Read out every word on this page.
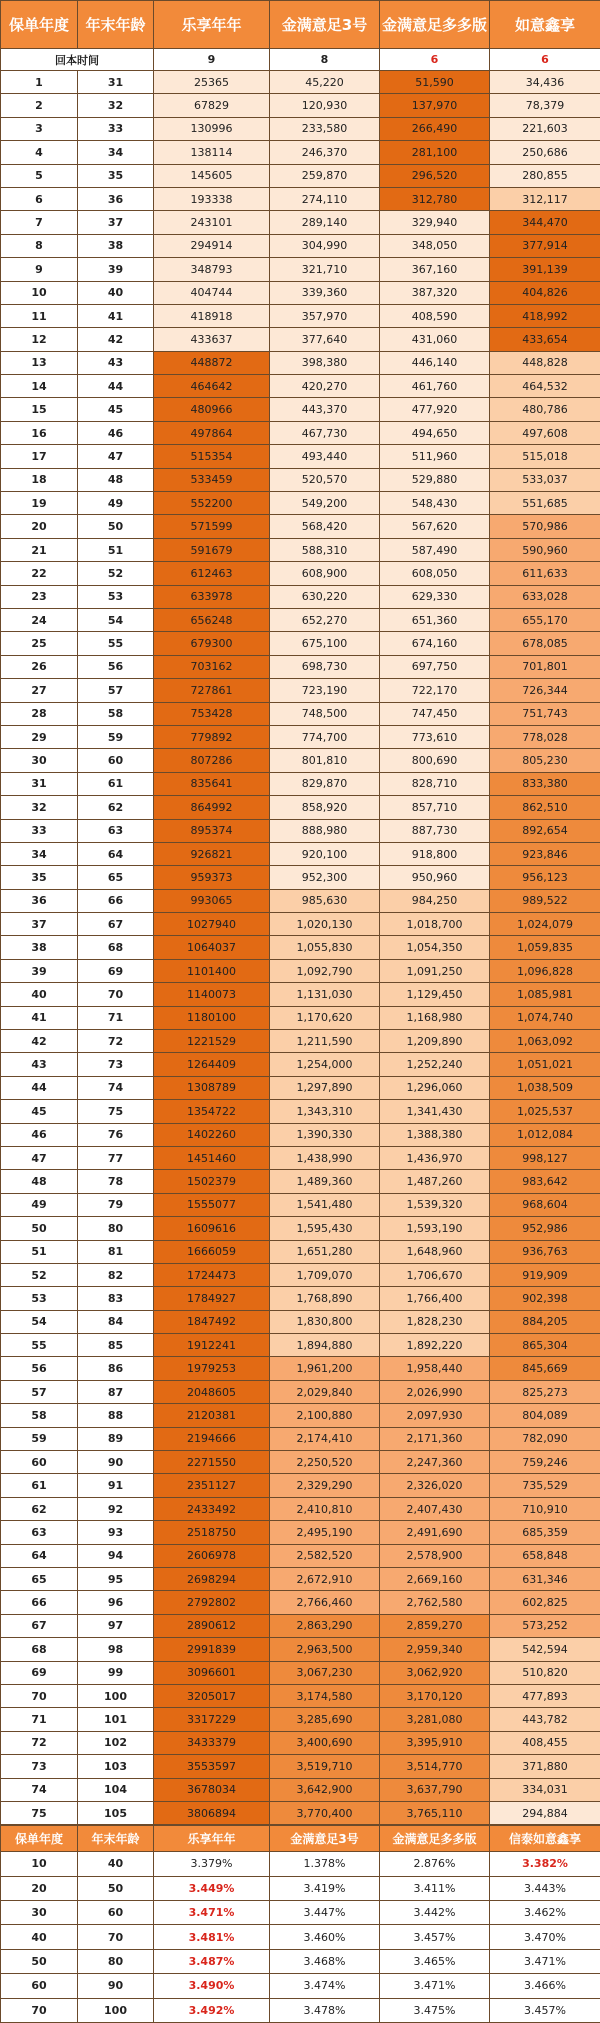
保单年度	年末年龄	乐享年年	金满意足3号	金满意足多多版	如意鑫享
回本时间		9	8	6	6
1	31	25365	45,220	51,590	34,436
2	32	67829	120,930	137,970	78,379
3	33	130996	233,580	266,490	221,603
4	34	138114	246,370	281,100	250,686
5	35	145605	259,870	296,520	280,855
6	36	193338	274,110	312,780	312,117
7	37	243101	289,140	329,940	344,470
8	38	294914	304,990	348,050	377,914
9	39	348793	321,710	367,160	391,139
10	40	404744	339,360	387,320	404,826
11	41	418918	357,970	408,590	418,992
12	42	433637	377,640	431,060	433,654
13	43	448872	398,380	446,140	448,828
14	44	464642	420,270	461,760	464,532
15	45	480966	443,370	477,920	480,786
16	46	497864	467,730	494,650	497,608
17	47	515354	493,440	511,960	515,018
18	48	533459	520,570	529,880	533,037
19	49	552200	549,200	548,430	551,685
20	50	571599	568,420	567,620	570,986
21	51	591679	588,310	587,490	590,960
22	52	612463	608,900	608,050	611,633
23	53	633978	630,220	629,330	633,028
24	54	656248	652,270	651,360	655,170
25	55	679300	675,100	674,160	678,085
26	56	703162	698,730	697,750	701,801
27	57	727861	723,190	722,170	726,344
28	58	753428	748,500	747,450	751,743
29	59	779892	774,700	773,610	778,028
30	60	807286	801,810	800,690	805,230
31	61	835641	829,870	828,710	833,380
32	62	864992	858,920	857,710	862,510
33	63	895374	888,980	887,730	892,654
34	64	926821	920,100	918,800	923,846
35	65	959373	952,300	950,960	956,123
36	66	993065	985,630	984,250	989,522
37	67	1027940	1,020,130	1,018,700	1,024,079
38	68	1064037	1,055,830	1,054,350	1,059,835
39	69	1101400	1,092,790	1,091,250	1,096,828
40	70	1140073	1,131,030	1,129,450	1,085,981
41	71	1180100	1,170,620	1,168,980	1,074,740
42	72	1221529	1,211,590	1,209,890	1,063,092
43	73	1264409	1,254,000	1,252,240	1,051,021
44	74	1308789	1,297,890	1,296,060	1,038,509
45	75	1354722	1,343,310	1,341,430	1,025,537
46	76	1402260	1,390,330	1,388,380	1,012,084
47	77	1451460	1,438,990	1,436,970	998,127
48	78	1502379	1,489,360	1,487,260	983,642
49	79	1555077	1,541,480	1,539,320	968,604
50	80	1609616	1,595,430	1,593,190	952,986
51	81	1666059	1,651,280	1,648,960	936,763
52	82	1724473	1,709,070	1,706,670	919,909
53	83	1784927	1,768,890	1,766,400	902,398
54	84	1847492	1,830,800	1,828,230	884,205
55	85	1912241	1,894,880	1,892,220	865,304
56	86	1979253	1,961,200	1,958,440	845,669
57	87	2048605	2,029,840	2,026,990	825,273
58	88	2120381	2,100,880	2,097,930	804,089
59	89	2194666	2,174,410	2,171,360	782,090
60	90	2271550	2,250,520	2,247,360	759,246
61	91	2351127	2,329,290	2,326,020	735,529
62	92	2433492	2,410,810	2,407,430	710,910
63	93	2518750	2,495,190	2,491,690	685,359
64	94	2606978	2,582,520	2,578,900	658,848
65	95	2698294	2,672,910	2,669,160	631,346
66	96	2792802	2,766,460	2,762,580	602,825
67	97	2890612	2,863,290	2,859,270	573,252
68	98	2991839	2,963,500	2,959,340	542,594
69	99	3096601	3,067,230	3,062,920	510,820
70	100	3205017	3,174,580	3,170,120	477,893
71	101	3317229	3,285,690	3,281,080	443,782
72	102	3433379	3,400,690	3,395,910	408,455
73	103	3553597	3,519,710	3,514,770	371,880
74	104	3678034	3,642,900	3,637,790	334,031
75	105	3806894	3,770,400	3,765,110	294,884
保单年度	年末年龄	乐享年年	金满意足3号	金满意足多多版	信泰如意鑫享
10	40	3.379%	1.378%	2.876%	3.382%
20	50	3.449%	3.419%	3.411%	3.443%
30	60	3.471%	3.447%	3.442%	3.462%
40	70	3.481%	3.460%	3.457%	3.470%
50	80	3.487%	3.468%	3.465%	3.471%
60	90	3.490%	3.474%	3.471%	3.466%
70	100	3.492%	3.478%	3.475%	3.457%
